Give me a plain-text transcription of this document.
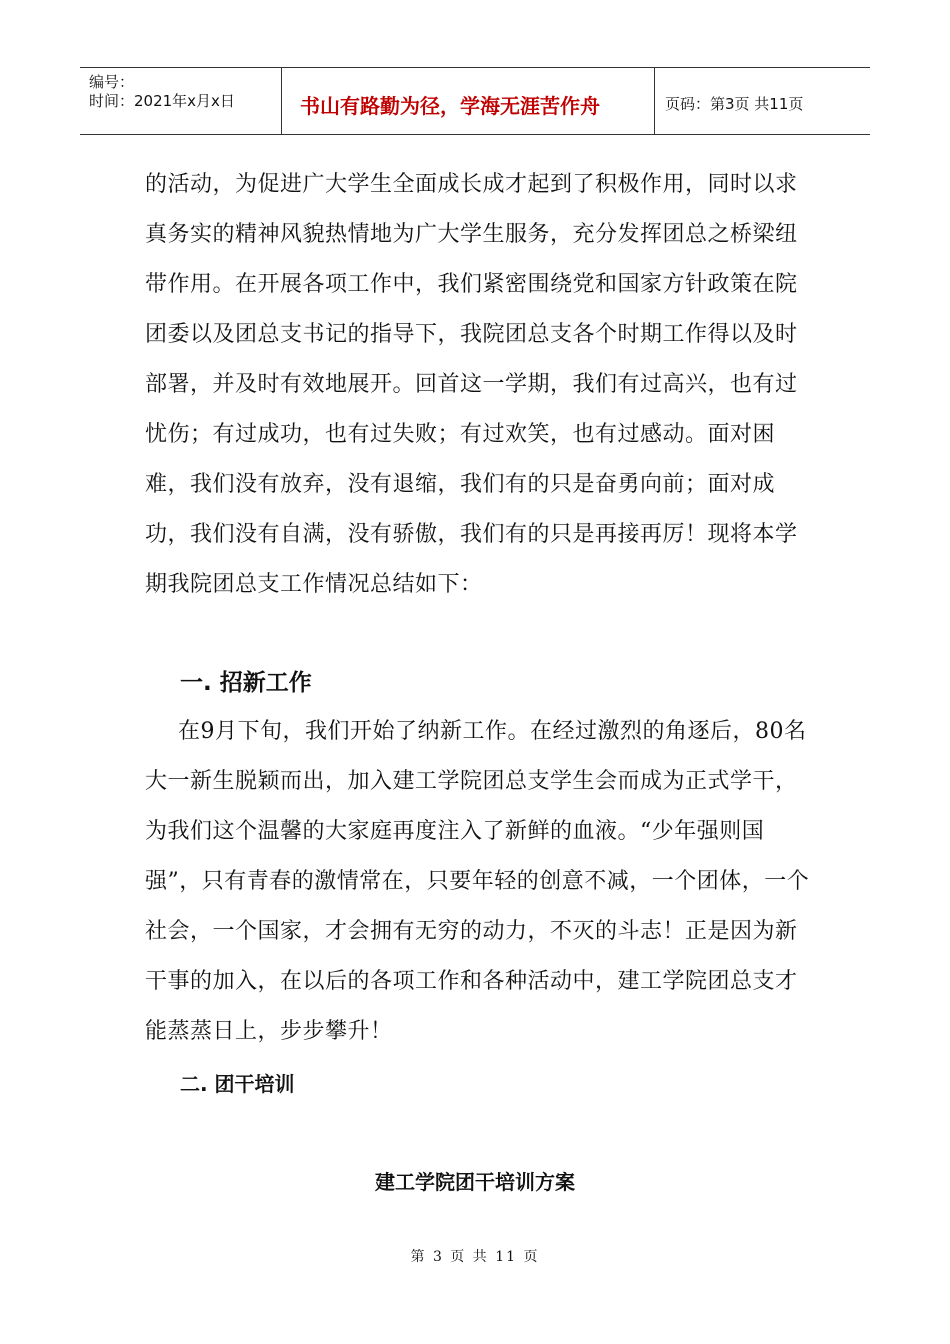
编号：
时间：2021年x月x日	书山有路勤为径，学海无涯苦作舟	页码：第3页 共11页
的活动，为促进广大学生全面成长成才起到了积极作用，同时以求真务实的精神风貌热情地为广大学生服务，充分发挥团总之桥梁纽带作用。在开展各项工作中，我们紧密围绕党和国家方针政策在院团委以及团总支书记的指导下，我院团总支各个时期工作得以及时部署，并及时有效地展开。回首这一学期，我们有过高兴，也有过忧伤；有过成功，也有过失败；有过欢笑，也有过感动。面对困难，我们没有放弃，没有退缩，我们有的只是奋勇向前；面对成功，我们没有自满，没有骄傲，我们有的只是再接再厉！现将本学期我院团总支工作情况总结如下：
一. 招新工作
在9月下旬，我们开始了纳新工作。在经过激烈的角逐后，80名大一新生脱颖而出，加入建工学院团总支学生会而成为正式学干，为我们这个温馨的大家庭再度注入了新鲜的血液。“少年强则国强”，只有青春的激情常在，只要年轻的创意不减，一个团体，一个社会，一个国家，才会拥有无穷的动力，不灭的斗志！正是因为新干事的加入，在以后的各项工作和各种活动中，建工学院团总支才能蒸蒸日上，步步攀升！
二. 团干培训
建工学院团干培训方案
第 3 页 共 11 页
